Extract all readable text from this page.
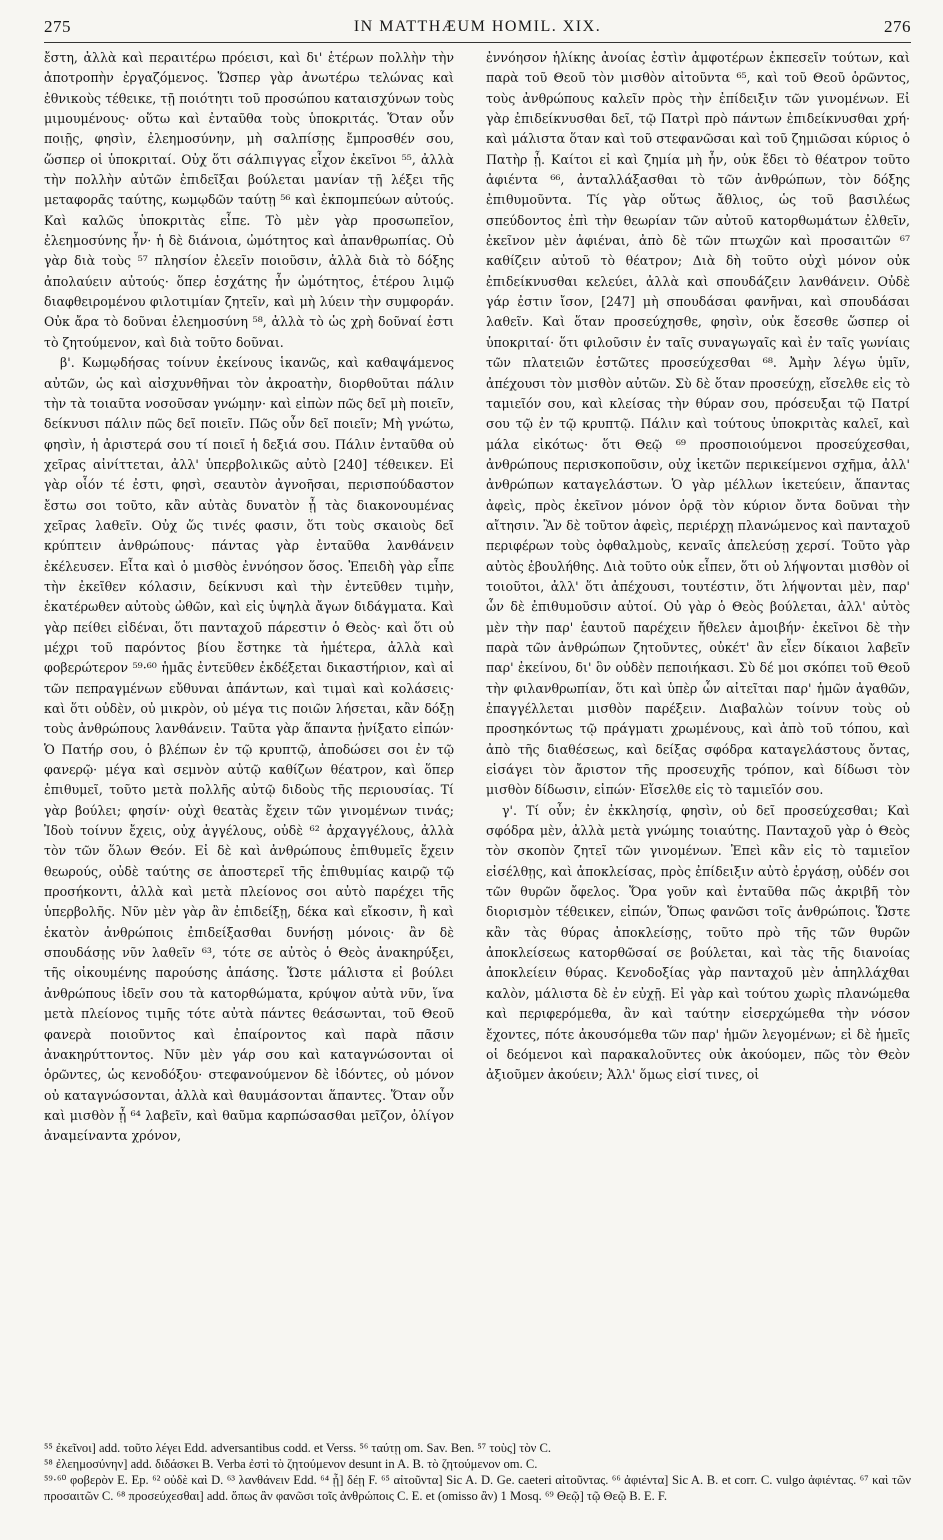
275	IN MATTHÆUM HOMIL. XIX.	276

ἔστη, ἀλλὰ καὶ περαιτέρω πρόεισι, καὶ δι' ἑτέρων πολλὴν τὴν ἀποτροπὴν ἐργαζόμενος. Ὥσπερ γὰρ ἀνωτέρω τελώνας καὶ ἐθνικοὺς τέθεικε, τῇ ποιότητι τοῦ προσώπου καταισχύνων τοὺς μιμουμένους· οὕτω καὶ ἐνταῦθα τοὺς ὑποκριτάς. Ὅταν οὖν ποιῇς, φησὶν, ἐλεημοσύνην, μὴ σαλπίσῃς ἔμπροσθέν σου, ὥσπερ οἱ ὑποκριταί. Οὐχ ὅτι σάλπιγγας εἶχον ἐκεῖνοι ⁵⁵, ἀλλὰ τὴν πολλὴν αὐτῶν ἐπιδεῖξαι βούλεται μανίαν τῇ λέξει τῆς μεταφορᾶς ταύτης, κωμῳδῶν ταύτῃ ⁵⁶ καὶ ἐκπομπεύων αὐτούς. Καὶ καλῶς ὑποκριτὰς εἶπε. Τὸ μὲν γὰρ προσωπεῖον, ἐλεημοσύνης ἦν· ἡ δὲ διάνοια, ὠμότητος καὶ ἀπανθρωπίας. Οὐ γὰρ διὰ τοὺς ⁵⁷ πλησίον ἐλεεῖν ποιοῦσιν, ἀλλὰ διὰ τὸ δόξης ἀπολαύειν αὐτούς· ὅπερ ἐσχάτης ἦν ὠμότητος, ἑτέρου λιμῷ διαφθειρομένου φιλοτιμίαν ζητεῖν, καὶ μὴ λύειν τὴν συμφοράν. Οὐκ ἄρα τὸ δοῦναι ἐλεημοσύνη ⁵⁸, ἀλλὰ τὸ ὡς χρὴ δοῦναί ἐστι τὸ ζητούμενον, καὶ διὰ τοῦτο δοῦναι.

β'. Κωμῳδήσας τοίνυν ἐκείνους ἱκανῶς, καὶ καθαψάμενος αὐτῶν, ὡς καὶ αἰσχυνθῆναι τὸν ἀκροατὴν, διορθοῦται πάλιν τὴν τὰ τοιαῦτα νοσοῦσαν γνώμην· καὶ εἰπὼν πῶς δεῖ μὴ ποιεῖν, δείκνυσι πάλιν πῶς δεῖ ποιεῖν. Πῶς οὖν δεῖ ποιεῖν; Μὴ γνώτω, φησὶν, ἡ ἀριστερά σου τί ποιεῖ ἡ δεξιά σου. Πάλιν ἐνταῦθα οὐ χεῖρας αἰνίττεται, ἀλλ' ὑπερβολικῶς αὐτὸ [240] τέθεικεν. Εἰ γὰρ οἷόν τέ ἐστι, φησὶ, σεαυτὸν ἀγνοῆσαι, περισπούδαστον ἔστω σοι τοῦτο, κἂν αὐτὰς δυνατὸν ᾖ τὰς διακονουμένας χεῖρας λαθεῖν. Οὐχ ὥς τινές φασιν, ὅτι τοὺς σκαιοὺς δεῖ κρύπτειν ἀνθρώπους· πάντας γὰρ ἐνταῦθα λανθάνειν ἐκέλευσεν. Εἶτα καὶ ὁ μισθὸς ἐννόησον ὅσος. Ἐπειδὴ γὰρ εἶπε τὴν ἐκεῖθεν κόλασιν, δείκνυσι καὶ τὴν ἐντεῦθεν τιμὴν, ἑκατέρωθεν αὐτοὺς ὠθῶν, καὶ εἰς ὑψηλὰ ἄγων διδάγματα. Καὶ γὰρ πείθει εἰδέναι, ὅτι πανταχοῦ πάρεστιν ὁ Θεὸς· καὶ ὅτι οὐ μέχρι τοῦ παρόντος βίου ἔστηκε τὰ ἡμέτερα, ἀλλὰ καὶ φοβερώτερον ⁵⁹·⁶⁰ ἡμᾶς ἐντεῦθεν ἐκδέξεται δικαστήριον, καὶ αἱ τῶν πεπραγμένων εὔθυναι ἁπάντων, καὶ τιμαὶ καὶ κολάσεις· καὶ ὅτι οὐδὲν, οὐ μικρὸν, οὐ μέγα τις ποιῶν λήσεται, κἂν δόξῃ τοὺς ἀνθρώπους λανθάνειν. Ταῦτα γὰρ ἅπαντα ᾐνίξατο εἰπών· Ὁ Πατήρ σου, ὁ βλέπων ἐν τῷ κρυπτῷ, ἀποδώσει σοι ἐν τῷ φανερῷ· μέγα καὶ σεμνὸν αὐτῷ καθίζων θέατρον, καὶ ὅπερ ἐπιθυμεῖ, τοῦτο μετὰ πολλῆς αὐτῷ διδοὺς τῆς περιουσίας. Τί γὰρ βούλει; φησίν· οὐχὶ θεατὰς ἔχειν τῶν γινομένων τινάς; Ἰδοὺ τοίνυν ἔχεις, οὐχ ἀγγέλους, οὐδὲ ⁶² ἀρχαγγέλους, ἀλλὰ τὸν τῶν ὅλων Θεόν. Εἰ δὲ καὶ ἀνθρώπους ἐπιθυμεῖς ἔχειν θεωρούς, οὐδὲ ταύτης σε ἀποστερεῖ τῆς ἐπιθυμίας καιρῷ τῷ προσήκοντι, ἀλλὰ καὶ μετὰ πλείονος σοι αὐτὸ παρέχει τῆς ὑπερβολῆς. Νῦν μὲν γὰρ ἂν ἐπιδείξῃ, δέκα καὶ εἴκοσιν, ἢ καὶ ἑκατὸν ἀνθρώποις ἐπιδείξασθαι δυνήσῃ μόνοις· ἂν δὲ σπουδάσῃς νῦν λαθεῖν ⁶³, τότε σε αὐτὸς ὁ Θεὸς ἀνακηρύξει, τῆς οἰκουμένης παρούσης ἁπάσης. Ὥστε μάλιστα εἰ βούλει ἀνθρώπους ἰδεῖν σου τὰ κατορθώματα, κρύψον αὐτὰ νῦν, ἵνα μετὰ πλείονος τιμῆς τότε αὐτὰ πάντες θεάσωνται, τοῦ Θεοῦ φανερὰ ποιοῦντος καὶ ἐπαίροντος καὶ παρὰ πᾶσιν ἀνακηρύττοντος. Νῦν μὲν γάρ σου καὶ καταγνώσονται οἱ ὁρῶντες, ὡς κενοδόξου· στεφανούμενον δὲ ἰδόντες, οὐ μόνον οὐ καταγνώσονται, ἀλλὰ καὶ θαυμάσονται ἅπαντες. Ὅταν οὖν καὶ μισθὸν ᾖ ⁶⁴ λαβεῖν, καὶ θαῦμα καρπώσασθαι μεῖζον, ὀλίγον ἀναμείναντα χρόνον,

ἐννόησον ἡλίκης ἀνοίας ἐστὶν ἀμφοτέρων ἐκπεσεῖν τούτων, καὶ παρὰ τοῦ Θεοῦ τὸν μισθὸν αἰτοῦντα ⁶⁵, καὶ τοῦ Θεοῦ ὁρῶντος, τοὺς ἀνθρώπους καλεῖν πρὸς τὴν ἐπίδειξιν τῶν γινομένων. Εἰ γὰρ ἐπιδείκνυσθαι δεῖ, τῷ Πατρὶ πρὸ πάντων ἐπιδείκνυσθαι χρή· καὶ μάλιστα ὅταν καὶ τοῦ στεφανῶσαι καὶ τοῦ ζημιῶσαι κύριος ὁ Πατὴρ ᾖ. Καίτοι εἰ καὶ ζημία μὴ ἦν, οὐκ ἔδει τὸ θέατρον τοῦτο ἀφιέντα ⁶⁶, ἀνταλλάξασθαι τὸ τῶν ἀνθρώπων, τὸν δόξης ἐπιθυμοῦντα. Τίς γὰρ οὕτως ἄθλιος, ὡς τοῦ βασιλέως σπεύδοντος ἐπὶ τὴν θεωρίαν τῶν αὐτοῦ κατορθωμάτων ἐλθεῖν, ἐκεῖνον μὲν ἀφιέναι, ἀπὸ δὲ τῶν πτωχῶν καὶ προσαιτῶν ⁶⁷ καθίζειν αὐτοῦ τὸ θέατρον; Διὰ δὴ τοῦτο οὐχὶ μόνον οὐκ ἐπιδείκνυσθαι κελεύει, ἀλλὰ καὶ σπουδάζειν λανθάνειν. Οὐδὲ γάρ ἐστιν ἴσον, [247] μὴ σπουδάσαι φανῆναι, καὶ σπουδάσαι λαθεῖν. Καὶ ὅταν προσεύχησθε, φησὶν, οὐκ ἔσεσθε ὥσπερ οἱ ὑποκριταί· ὅτι φιλοῦσιν ἐν ταῖς συναγωγαῖς καὶ ἐν ταῖς γωνίαις τῶν πλατειῶν ἑστῶτες προσεύχεσθαι ⁶⁸. Ἀμὴν λέγω ὑμῖν, ἀπέχουσι τὸν μισθὸν αὐτῶν. Σὺ δὲ ὅταν προσεύχῃ, εἴσελθε εἰς τὸ ταμιεῖόν σου, καὶ κλείσας τὴν θύραν σου, πρόσευξαι τῷ Πατρί σου τῷ ἐν τῷ κρυπτῷ. Πάλιν καὶ τούτους ὑποκριτὰς καλεῖ, καὶ μάλα εἰκότως· ὅτι Θεῷ ⁶⁹ προσποιούμενοι προσεύχεσθαι, ἀνθρώπους περισκοποῦσιν, οὐχ ἱκετῶν περικείμενοι σχῆμα, ἀλλ' ἀνθρώπων καταγελάστων. Ὁ γὰρ μέλλων ἱκετεύειν, ἅπαντας ἀφεὶς, πρὸς ἐκεῖνον μόνον ὁρᾷ τὸν κύριον ὄντα δοῦναι τὴν αἴτησιν. Ἂν δὲ τοῦτον ἀφεὶς, περιέρχῃ πλανώμενος καὶ πανταχοῦ περιφέρων τοὺς ὀφθαλμοὺς, κεναῖς ἀπελεύσῃ χερσί. Τοῦτο γὰρ αὐτὸς ἐβουλήθης. Διὰ τοῦτο οὐκ εἶπεν, ὅτι οὐ λήψονται μισθὸν οἱ τοιοῦτοι, ἀλλ' ὅτι ἀπέχουσι, τουτέστιν, ὅτι λήψονται μὲν, παρ' ὧν δὲ ἐπιθυμοῦσιν αὐτοί. Οὐ γὰρ ὁ Θεὸς βούλεται, ἀλλ' αὐτὸς μὲν τὴν παρ' ἑαυτοῦ παρέχειν ἤθελεν ἀμοιβήν· ἐκεῖνοι δὲ τὴν παρὰ τῶν ἀνθρώπων ζητοῦντες, οὐκέτ' ἂν εἶεν δίκαιοι λαβεῖν παρ' ἐκείνου, δι' ὃν οὐδὲν πεποιήκασι. Σὺ δέ μοι σκόπει τοῦ Θεοῦ τὴν φιλανθρωπίαν, ὅτι καὶ ὑπὲρ ὧν αἰτεῖται παρ' ἡμῶν ἀγαθῶν, ἐπαγγέλλεται μισθὸν παρέξειν. Διαβαλὼν τοίνυν τοὺς οὐ προσηκόντως τῷ πράγματι χρωμένους, καὶ ἀπὸ τοῦ τόπου, καὶ ἀπὸ τῆς διαθέσεως, καὶ δείξας σφόδρα καταγελάστους ὄντας, εἰσάγει τὸν ἄριστον τῆς προσευχῆς τρόπον, καὶ δίδωσι τὸν μισθὸν δίδωσιν, εἰπών· Εἴσελθε εἰς τὸ ταμιεῖόν σου.

γ'. Τί οὖν; ἐν ἐκκλησίᾳ, φησὶν, οὐ δεῖ προσεύχεσθαι; Καὶ σφόδρα μὲν, ἀλλὰ μετὰ γνώμης τοιαύτης. Πανταχοῦ γὰρ ὁ Θεὸς τὸν σκοπὸν ζητεῖ τῶν γινομένων. Ἐπεὶ κἂν εἰς τὸ ταμιεῖον εἰσέλθῃς, καὶ ἀποκλείσας, πρὸς ἐπίδειξιν αὐτὸ ἐργάσῃ, οὐδέν σοι τῶν θυρῶν ὄφελος. Ὅρα γοῦν καὶ ἐνταῦθα πῶς ἀκριβῆ τὸν διορισμὸν τέθεικεν, εἰπών, Ὅπως φανῶσι τοῖς ἀνθρώποις. Ὥστε κἂν τὰς θύρας ἀποκλείσῃς, τοῦτο πρὸ τῆς τῶν θυρῶν ἀποκλείσεως κατορθῶσαί σε βούλεται, καὶ τὰς τῆς διανοίας ἀποκλείειν θύρας. Κενοδοξίας γὰρ πανταχοῦ μὲν ἀπηλλάχθαι καλὸν, μάλιστα δὲ ἐν εὐχῇ. Εἰ γὰρ καὶ τούτου χωρὶς πλανώμεθα καὶ περιφερόμεθα, ἂν καὶ ταύτην εἰσερχώμεθα τὴν νόσον ἔχοντες, πότε ἀκουσόμεθα τῶν παρ' ἡμῶν λεγομένων; εἰ δὲ ἡμεῖς οἱ δεόμενοι καὶ παρακαλοῦντες οὐκ ἀκούομεν, πῶς τὸν Θεὸν ἀξιοῦμεν ἀκούειν; Ἀλλ' ὅμως εἰσί τινες, οἱ

⁵⁵ ἐκεῖνοι] add. τοῦτο λέγει Edd. adversantibus codd. et Verss. ⁵⁶ ταύτῃ om. Sav. Ben. ⁵⁷ τοὺς] τὸν C.
⁵⁸ ἐλεημοσύνην] add. διδάσκει B. Verba ἐστὶ τὸ ζητούμενον desunt in A. B. τὸ ζητούμενον om. C.
⁵⁹·⁶⁰ φοβερὸν E. Ep. ⁶² οὐδὲ καὶ D. ⁶³ λανθάνειν Edd. ⁶⁴ ᾖ] δέῃ F. ⁶⁵ αἰτοῦντα] Sic A. D. Ge. caeteri αἰτοῦντας. ⁶⁶ ἀφιέντα] Sic A. B. et corr. C. vulgo ἀφιέντας. ⁶⁷ καὶ τῶν προσαιτῶν C. ⁶⁸ προσεύχεσθαι] add. ὅπως ἂν φανῶσι τοῖς ἀνθρώποις C. E. et (omisso ἂν) 1 Mosq. ⁶⁹ Θεῷ] τῷ Θεῷ B. E. F.
